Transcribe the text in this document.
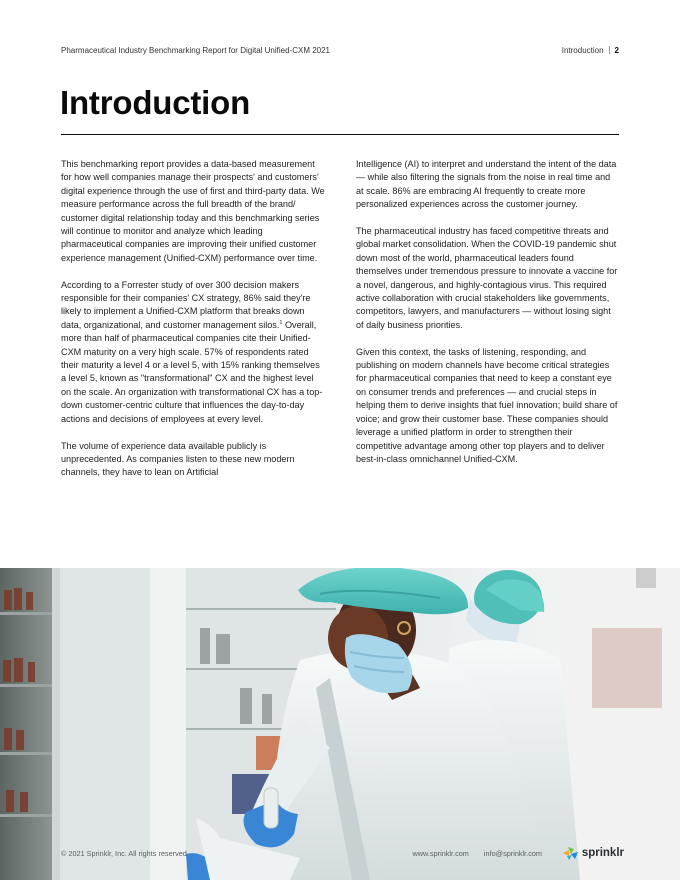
Pharmaceutical Industry Benchmarking Report for Digital Unified-CXM 2021	Introduction 2
Introduction

This benchmarking report provides a data-based measurement for how well companies manage their prospects' and customers' digital experience through the use of first and third-party data. We measure performance across the full breadth of the brand/ customer digital relationship today and this benchmarking series will continue to monitor and analyze which leading pharmaceutical companies are improving their unified customer experience management (Unified-CXM) performance over time.

According to a Forrester study of over 300 decision makers responsible for their companies' CX strategy, 86% said they're likely to implement a Unified-CXM platform that breaks down data, organizational, and customer management silos.$^1$ Overall, more than half of pharmaceutical companies cite their Unified-CXM maturity on a very high scale. 57% of respondents rated their maturity a level 4 or a level 5, with 15% ranking themselves a level 5, known as "transformational" CX and the highest level on the scale. An organization with transformational CX has a top-down customer-centric culture that influences the day-to-day actions and decisions of employees at every level.

The volume of experience data available publicly is unprecedented. As companies listen to these new modern channels, they have to lean on Artificial

Intelligence (AI) to interpret and understand the intent of the data — while also filtering the signals from the noise in real time and at scale. 86% are embracing AI frequently to create more personalized experiences across the customer journey.

The pharmaceutical industry has faced competitive threats and global market consolidation. When the COVID-19 pandemic shut down most of the world, pharmaceutical leaders found themselves under tremendous pressure to innovate a vaccine for a novel, dangerous, and highly-contagious virus. This required active collaboration with crucial stakeholders like governments, competitors, lawyers, and manufacturers — without losing sight of daily business priorities.

Given this context, the tasks of listening, responding, and publishing on modern channels have become critical strategies for pharmaceutical companies that need to keep a constant eye on consumer trends and preferences — and crucial steps in helping them to derive insights that fuel innovation; build share of voice; and grow their customer base. These companies should leverage a unified platform in order to strengthen their competitive advantage among other top players and to deliver best-in-class omnichannel Unified-CXM.

© 2021 Sprinklr, Inc. All rights reserved.	www.sprinklr.com info@sprinklr.com	sprinklr
